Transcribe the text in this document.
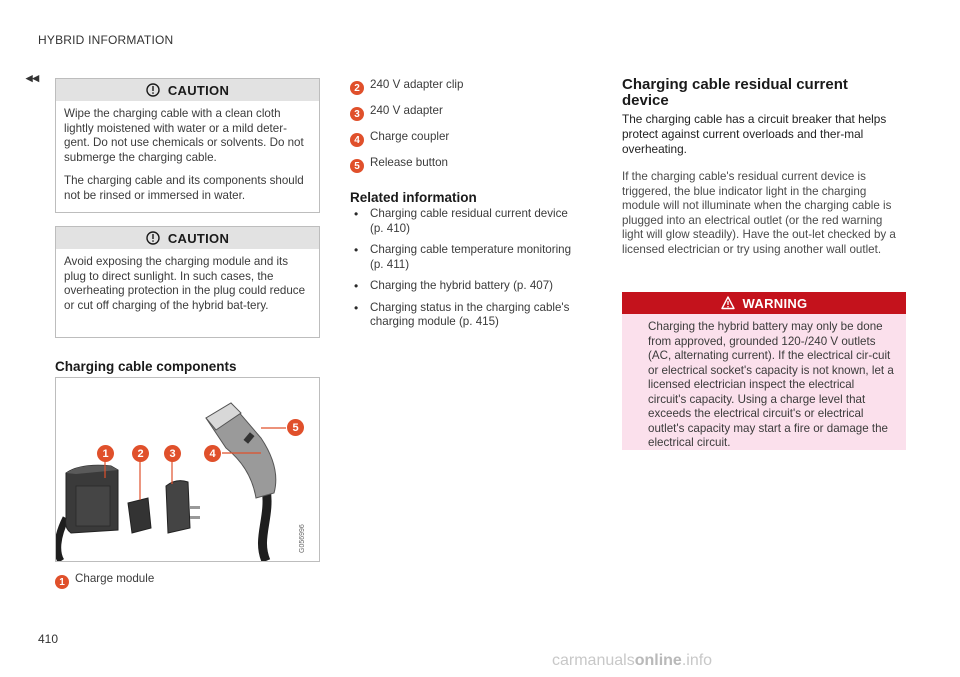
HYBRID INFORMATION
◂◂
CAUTION

Wipe the charging cable with a clean cloth lightly moistened with water or a mild deter-gent. Do not use chemicals or solvents. Do not submerge the charging cable.

The charging cable and its components should not be rinsed or immersed in water.

CAUTION

Avoid exposing the charging module and its plug to direct sunlight. In such cases, the overheating protection in the plug could reduce or cut off charging of the hybrid bat-tery.

Charging cable components
G056996
1	2	3	4
5
1 Charge module
2 240 V adapter clip
3 240 V adapter
4 Charge coupler
5 Release button
Related information
• Charging cable residual current device (p. 410)
• Charging cable temperature monitoring (p. 411)
• Charging the hybrid battery (p. 407)
• Charging status in the charging cable's charging module (p. 415)
Charging cable residual current device
The charging cable has a circuit breaker that helps protect against current overloads and ther-mal overheating.
If the charging cable's residual current device is triggered, the blue indicator light in the charging module will not illuminate when the charging cable is plugged into an electrical outlet (or the red warning light will glow steadily). Have the out-let checked by a licensed electrician or try using another wall outlet.
WARNING

Charging the hybrid battery may only be done from approved, grounded 120-/240 V outlets (AC, alternating current). If the electrical cir-cuit or electrical socket's capacity is not known, let a licensed electrician inspect the electrical circuit's capacity. Using a charge level that exceeds the electrical circuit's or electrical outlet's capacity may start a fire or damage the electrical circuit.

410
carmanualsonline.info
